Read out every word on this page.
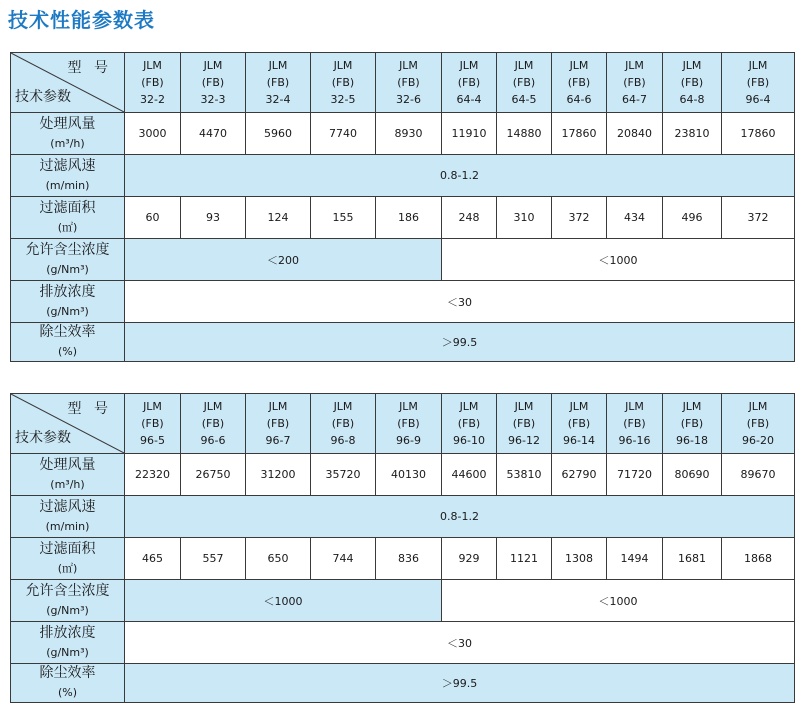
技术性能参数表
型 号
技术参数	JLM
(FB)
32-2	JLM
(FB)
32-3	JLM
(FB)
32-4	JLM
(FB)
32-5	JLM
(FB)
32-6	JLM
(FB)
64-4	JLM
(FB)
64-5	JLM
(FB)
64-6	JLM
(FB)
64-7	JLM
(FB)
64-8	JLM
(FB)
96-4

处理风量
(m³/h)	3000	4470	5960	7740	8930	11910	14880	17860	20840	23810	17860

过滤风速
(m/min)	0.8-1.2										

过滤面积
(㎡)	60	93	124	155	186	248	310	372	434	496	372

允许含尘浓度
(g/Nm³)	＜200					＜1000					

排放浓度
(g/Nm³)	＜30										

除尘效率
(%)	＞99.5										
型 号
技术参数	JLM
(FB)
96-5	JLM
(FB)
96-6	JLM
(FB)
96-7	JLM
(FB)
96-8	JLM
(FB)
96-9	JLM
(FB)
96-10	JLM
(FB)
96-12	JLM
(FB)
96-14	JLM
(FB)
96-16	JLM
(FB)
96-18	JLM
(FB)
96-20

处理风量
(m³/h)	22320	26750	31200	35720	40130	44600	53810	62790	71720	80690	89670

过滤风速
(m/min)	0.8-1.2										

过滤面积
(㎡)	465	557	650	744	836	929	1121	1308	1494	1681	1868

允许含尘浓度
(g/Nm³)	＜1000					＜1000					

排放浓度
(g/Nm³)	＜30										

除尘效率
(%)	＞99.5										
